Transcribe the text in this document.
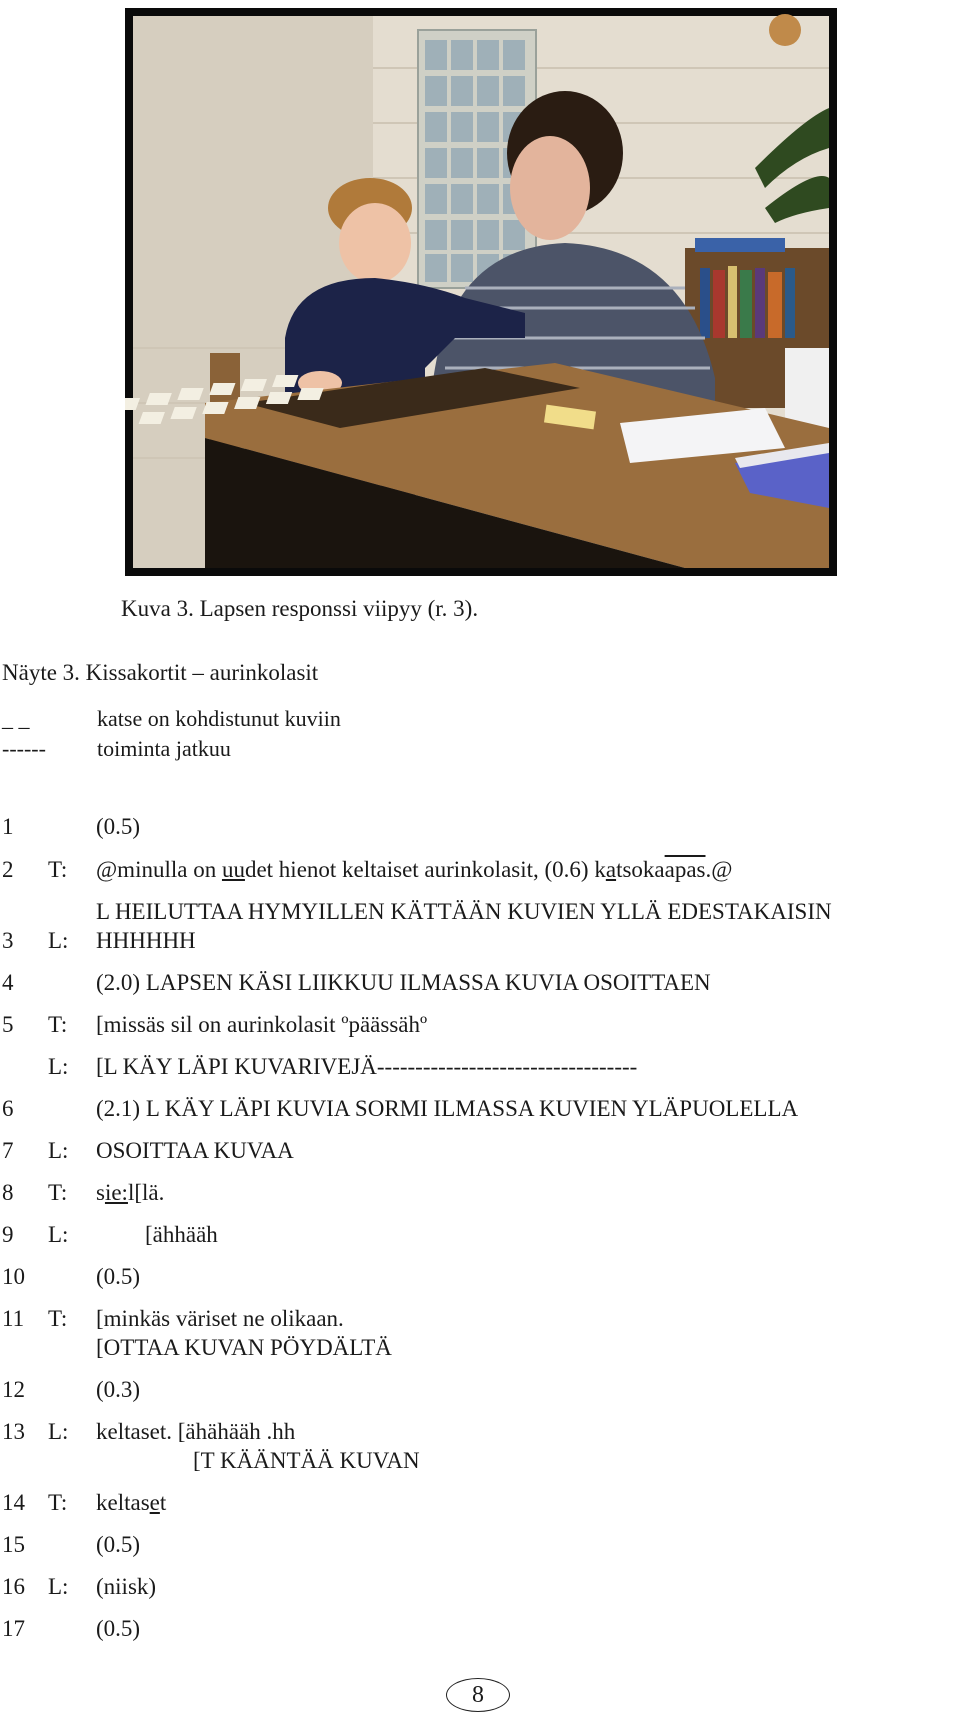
Kuva 3. Lapsen responssi viipyy (r. 3).
Näyte 3. Kissakortit – aurinkolasit
_ _	katse on kohdistunut kuviin
------	toiminta jatkuu
1	(0.5)
2	T:	@minulla on uudet hienot keltaiset aurinkolasit, (0.6) katsokaapas.@
L HEILUTTAA HYMYILLEN KÄTTÄÄN KUVIEN YLLÄ EDESTAKAISIN
3	L:	HHHHHH
4	(2.0) LAPSEN KÄSI LIIKKUU ILMASSA KUVIA OSOITTAEN
5	T:	[missäs sil on aurinkolasit ºpäässähº
L:	[L KÄY LÄPI KUVARIVEJÄ----------------------------------
6	(2.1) L KÄY LÄPI KUVIA SORMI ILMASSA KUVIEN YLÄPUOLELLA
7	L:	OSOITTAA KUVAA
8	T:	sie:l[lä.
9	L:	[ähhääh
10	(0.5)
11	T:	[minkäs väriset ne olikaan.
[OTTAA KUVAN PÖYDÄLTÄ
12	(0.3)
13	L:	keltaset. [ähähääh .hh
[T KÄÄNTÄÄ KUVAN
14	T:	keltaset
15	(0.5)
16	L:	(niisk)
17	(0.5)
8
